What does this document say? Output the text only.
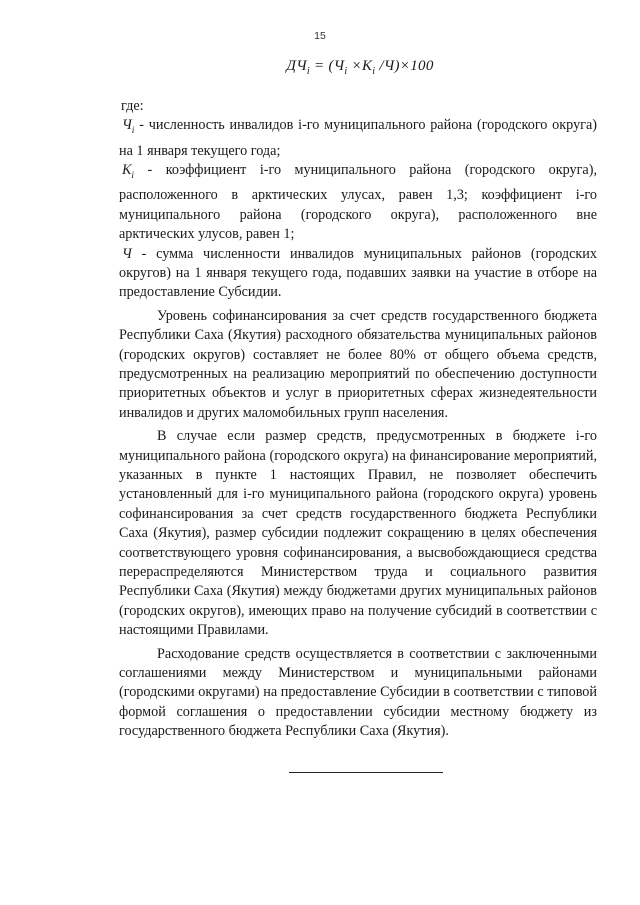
15
$ДЧ_i = (Ч_i \times К_i$ /Ч)×100

где:

$Ч_i$ - численность инвалидов i-го муниципального района (городского округа) на 1 января текущего года;

$К_i$ - коэффициент i-го муниципального района (городского округа), расположенного в арктических улусах, равен 1,3; коэффициент i-го муниципального района (городского округа), расположенного вне арктических улусов, равен 1;

Ч - сумма численности инвалидов муниципальных районов (городских округов) на 1 января текущего года, подавших заявки на участие в отборе на предоставление Субсидии.

Уровень софинансирования за счет средств государственного бюджета Республики Саха (Якутия) расходного обязательства муниципальных районов (городских округов) составляет не более 80% от общего объема средств, предусмотренных на реализацию мероприятий по обеспечению доступности приоритетных объектов и услуг в приоритетных сферах жизнедеятельности инвалидов и других маломобильных групп населения.

В случае если размер средств, предусмотренных в бюджете i-го муниципального района (городского округа) на финансирование мероприятий, указанных в пункте 1 настоящих Правил, не позволяет обеспечить установленный для i-го муниципального района (городского округа) уровень софинансирования за счет средств государственного бюджета Республики Саха (Якутия), размер субсидии подлежит сокращению в целях обеспечения соответствующего уровня софинансирования, а высвобождающиеся средства перераспределяются Министерством труда и социального развития Республики Саха (Якутия) между бюджетами других муниципальных районов (городских округов), имеющих право на получение субсидий в соответствии с настоящими Правилами.

Расходование средств осуществляется в соответствии с заключенными соглашениями между Министерством и муниципальными районами (городскими округами) на предоставление Субсидии в соответствии с типовой формой соглашения о предоставлении субсидии местному бюджету из государственного бюджета Республики Саха (Якутия).
